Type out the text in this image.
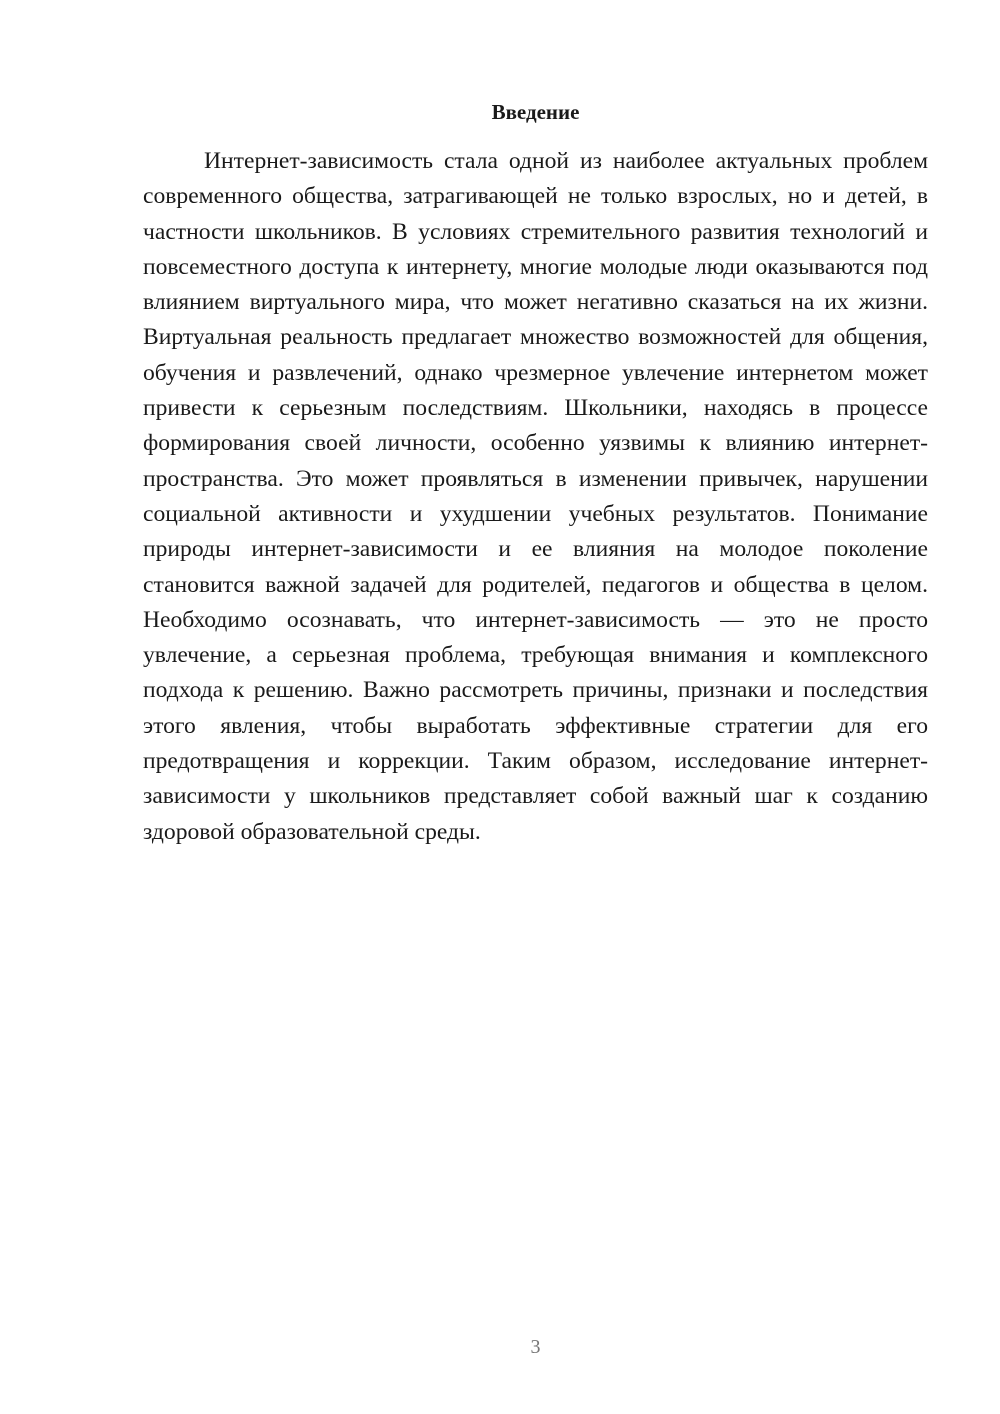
Введение

Интернет-зависимость стала одной из наиболее актуальных проблем современного общества, затрагивающей не только взрослых, но и детей, в частности школьников. В условиях стремительного развития технологий и повсеместного доступа к интернету, многие молодые люди оказываются под влиянием виртуального мира, что может негативно сказаться на их жизни. Виртуальная реальность предлагает множество возможностей для общения, обучения и развлечений, однако чрезмерное увлечение интернетом может привести к серьезным последствиям. Школьники, находясь в процессе формирования своей личности, особенно уязвимы к влиянию интернет-пространства. Это может проявляться в изменении привычек, нарушении социальной активности и ухудшении учебных результатов. Понимание природы интернет-зависимости и ее влияния на молодое поколение становится важной задачей для родителей, педагогов и общества в целом. Необходимо осознавать, что интернет-зависимость — это не просто увлечение, а серьезная проблема, требующая внимания и комплексного подхода к решению. Важно рассмотреть причины, признаки и последствия этого явления, чтобы выработать эффективные стратегии для его предотвращения и коррекции. Таким образом, исследование интернет-зависимости у школьников представляет собой важный шаг к созданию здоровой образовательной среды.

3
